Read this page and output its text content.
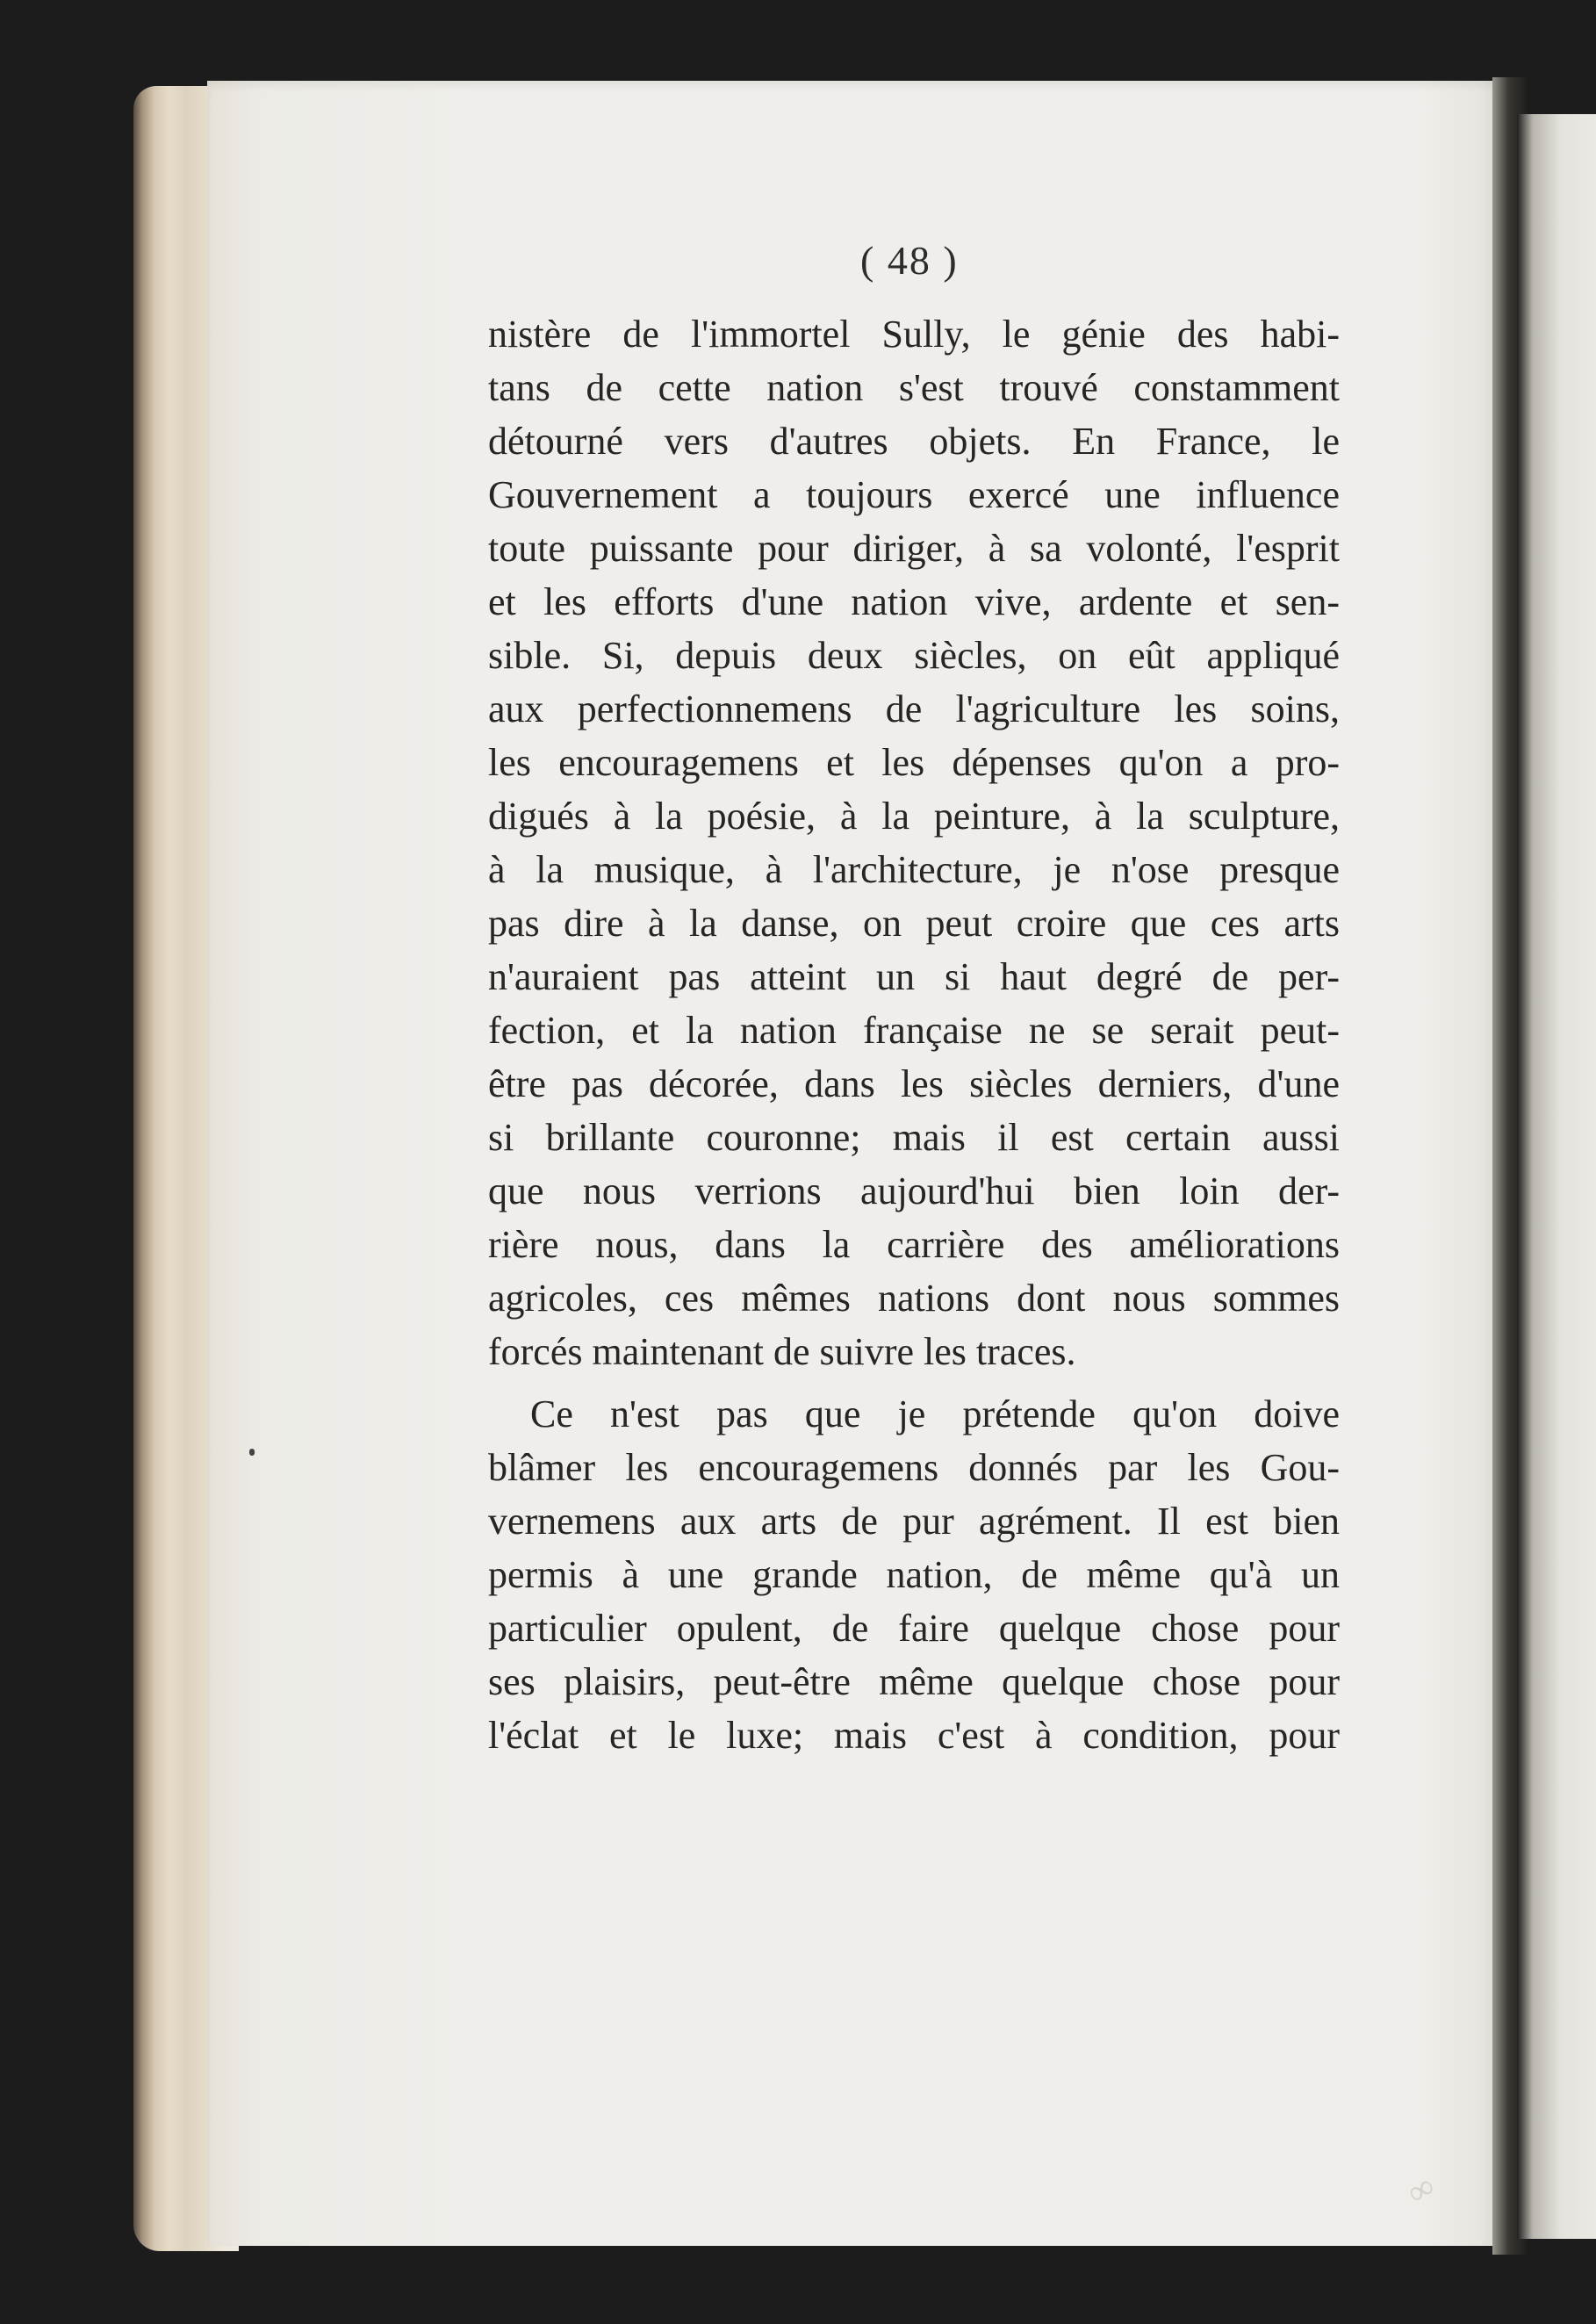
( 48 )
nistère de l'immortel Sully, le génie des habi-
tans de cette nation s'est trouvé constamment
détourné vers d'autres objets. En France, le
Gouvernement a toujours exercé une influence
toute puissante pour diriger, à sa volonté, l'esprit
et les efforts d'une nation vive, ardente et sen-
sible. Si, depuis deux siècles, on eût appliqué
aux perfectionnemens de l'agriculture les soins,
les encouragemens et les dépenses qu'on a pro-
digués à la poésie, à la peinture, à la sculpture,
à la musique, à l'architecture, je n'ose presque
pas dire à la danse, on peut croire que ces arts
n'auraient pas atteint un si haut degré de per-
fection, et la nation française ne se serait peut-
être pas décorée, dans les siècles derniers, d'une
si brillante couronne; mais il est certain aussi
que nous verrions aujourd'hui bien loin der-
rière nous, dans la carrière des améliorations
agricoles, ces mêmes nations dont nous sommes
forcés maintenant de suivre les traces.
Ce n'est pas que je prétende qu'on doive
blâmer les encouragemens donnés par les Gou-
vernemens aux arts de pur agrément. Il est bien
permis à une grande nation, de même qu'à un
particulier opulent, de faire quelque chose pour
ses plaisirs, peut-être même quelque chose pour
l'éclat et le luxe; mais c'est à condition, pour
∞
